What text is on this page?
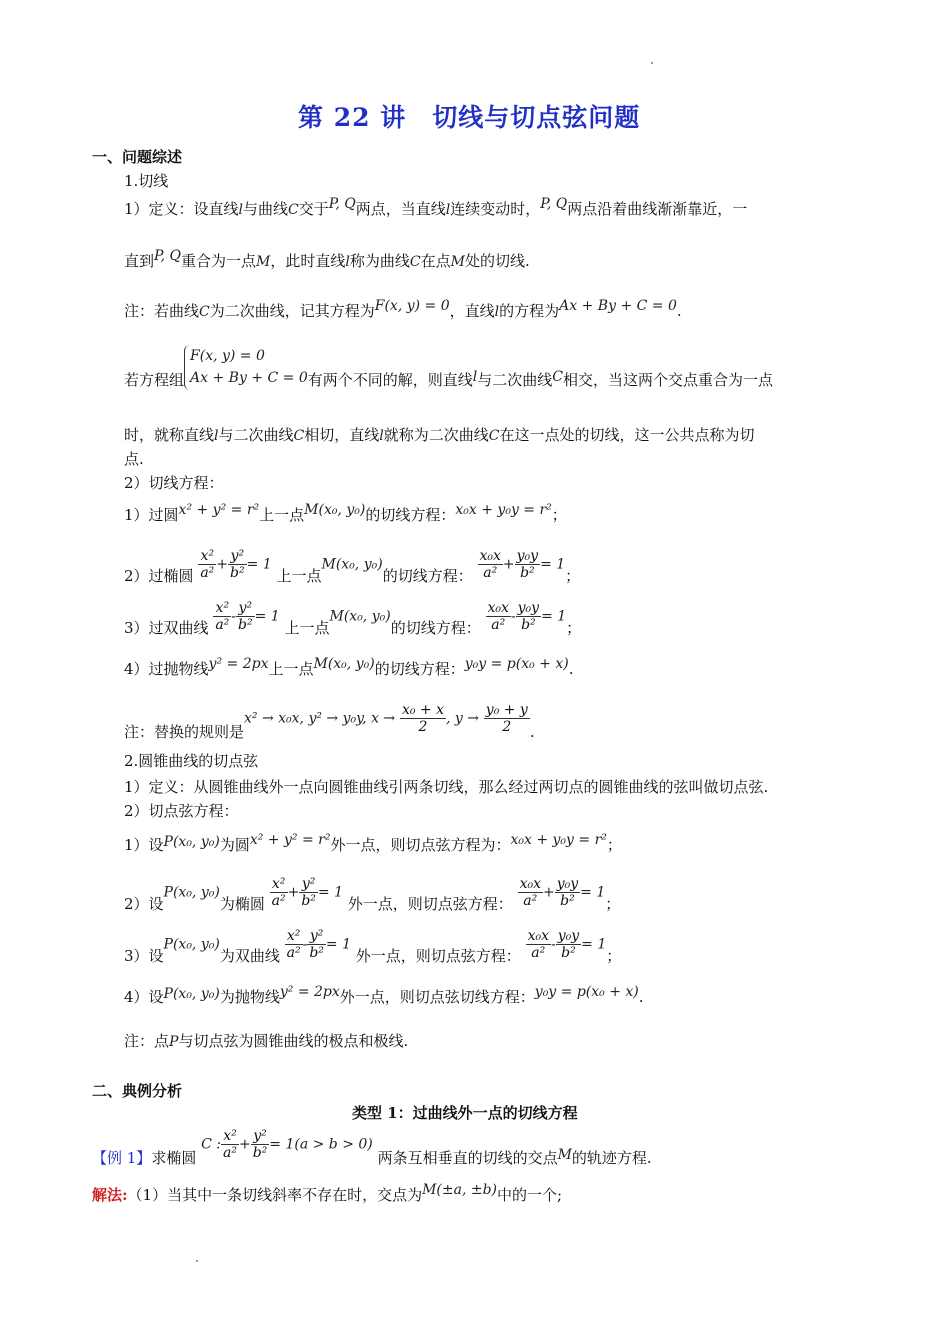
第 22 讲　切线与切点弦问题
一、问题综述
1.切线
1）定义：设直线l与曲线C交于P, Q两点，当直线l连续变动时，P, Q两点沿着曲线渐渐靠近，一
直到P, Q重合为一点M，此时直线l称为曲线C在点M处的切线.
注：若曲线C为二次曲线，记其方程为F(x, y) = 0，直线l的方程为Ax + By + C = 0.
若方程组
F(x, y) = 0
Ax + By + C = 0 有两个不同的解，则直线l与二次曲线C相交，当这两个交点重合为一点
时，就称直线l与二次曲线C相切，直线l就称为二次曲线C在这一点处的切线，这一公共点称为切
点.
2）切线方程：
1）过圆x² + y² = r²上一点M(x₀, y₀)的切线方程：x₀x + y₀y = r²；
2）过椭圆 $\frac{\text{x²}}{\text{a²}} + \frac{\text{y²}}{\text{b²}} = 1$ 上一点M(x₀, y₀)的切线方程： $\frac{\text{x₀x}}{\text{a²}} + \frac{\text{y₀y}}{\text{b²}} = 1$；
3）过双曲线 $\frac{\text{x²}}{\text{a²}} - \frac{\text{y²}}{\text{b²}} = 1$ 上一点M(x₀, y₀)的切线方程： $\frac{\text{x₀x}}{\text{a²}} - \frac{\text{y₀y}}{\text{b²}} = 1$；
4）过抛物线y² = 2px上一点M(x₀, y₀)的切线方程：y₀y = p(x₀ + x).
注：替换的规则是x² → x₀x, y² → y₀y, $x \to \frac{\text{x₀ + x}}{2}$ , $y \to \frac{\text{y₀ + y}}{2}$ .
2.圆锥曲线的切点弦
1）定义：从圆锥曲线外一点向圆锥曲线引两条切线，那么经过两切点的圆锥曲线的弦叫做切点弦.
2）切点弦方程：
1）设P(x₀, y₀)为圆x² + y² = r²外一点，则切点弦方程为：x₀x + y₀y = r²；
2）设P(x₀, y₀)为椭圆 $\frac{\text{x²}}{\text{a²}} + \frac{\text{y²}}{\text{b²}} = 1$ 外一点，则切点弦方程： $\frac{\text{x₀x}}{\text{a²}} + \frac{\text{y₀y}}{\text{b²}} = 1$；
3）设P(x₀, y₀)为双曲线 $\frac{\text{x²}}{\text{a²}} - \frac{\text{y²}}{\text{b²}} = 1$ 外一点，则切点弦方程： $\frac{\text{x₀x}}{\text{a²}} - \frac{\text{y₀y}}{\text{b²}} = 1$；
4）设P(x₀, y₀)为抛物线y² = 2px外一点，则切点弦切线方程：y₀y = p(x₀ + x).
注：点P与切点弦为圆锥曲线的极点和极线.
二、典例分析
类型 1：过曲线外一点的切线方程
【例 1】求椭圆 C : $\frac{\text{x²}}{\text{a²}} + \frac{\text{y²}}{\text{b²}} = 1(a > b > 0)$ 两条互相垂直的切线的交点M的轨迹方程.
解法:（1）当其中一条切线斜率不存在时，交点为M(±a, ±b)中的一个;
